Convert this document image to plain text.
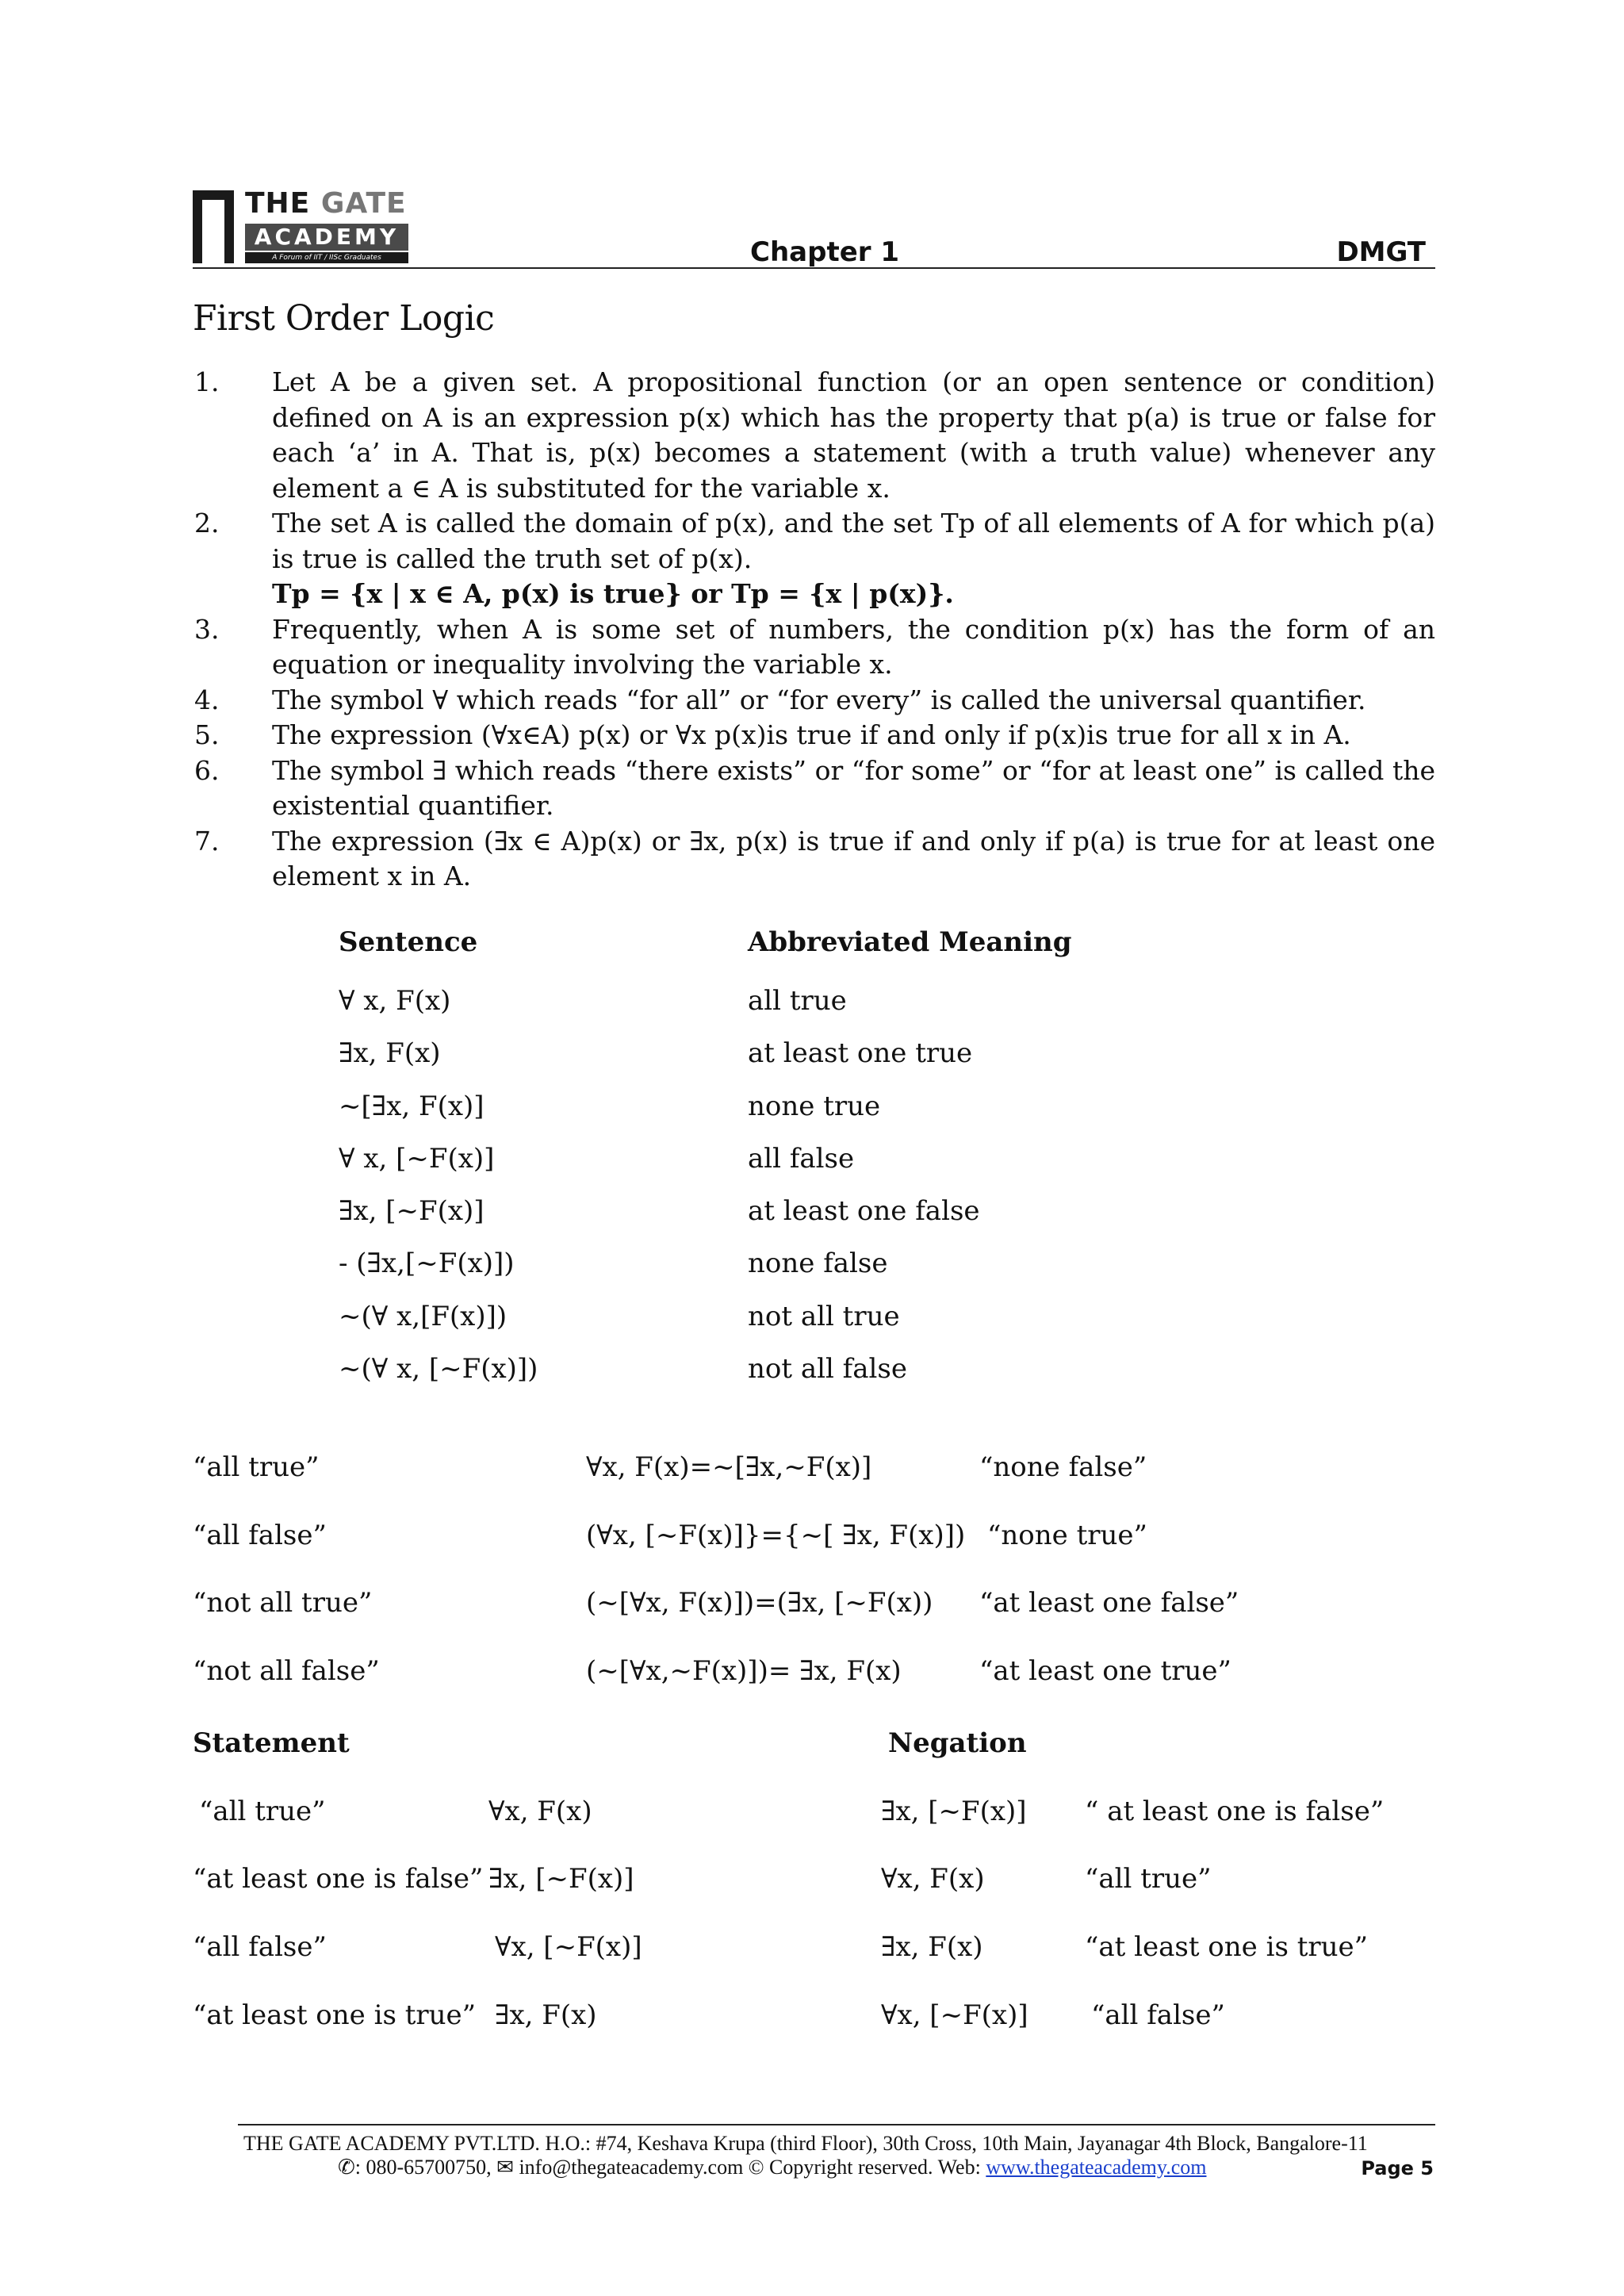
THE GATE
ACADEMY
A Forum of IIT / IISc Graduates	Chapter 1	DMGT
First Order Logic
1. Let A be a given set. A propositional function (or an open sentence or condition) defined on A is an expression p(x) which has the property that p(a) is true or false for each ‘a’ in A. That is, p(x) becomes a statement (with a truth value) whenever any element a ∈ A is substituted for the variable x.
2. The set A is called the domain of p(x), and the set Tp of all elements of A for which p(a) is true is called the truth set of p(x).
Tp = {x | x ∈ A, p(x) is true} or Tp = {x | p(x)}.
3. Frequently, when A is some set of numbers, the condition p(x) has the form of an equation or inequality involving the variable x.
4. The symbol ∀ which reads “for all” or “for every” is called the universal quantifier.
5. The expression (∀x∈A) p(x) or ∀x p(x)is true if and only if p(x)is true for all x in A.
6. The symbol ∃ which reads “there exists” or “for some” or “for at least one” is called the existential quantifier.
7. The expression (∃x ∈ A)p(x) or ∃x, p(x) is true if and only if p(a) is true for at least one element x in A.
Sentence	Abbreviated Meaning
∀ x, F(x)	all true
∃x, F(x)	at least one true
~[∃x, F(x)]	none true
∀ x, [~F(x)]	all false
∃x, [~F(x)]	at least one false
- (∃x,[~F(x)])	none false
~(∀ x,[F(x)])	not all true
~(∀ x, [~F(x)])	not all false
“all true”	∀x, F(x)=~[∃x,~F(x)]	“none false”
“all false”	(∀x, [~F(x)]}={~[ ∃x, F(x)]) “none true”
“not all true”	(~[∀x, F(x)])=(∃x, [~F(x)) “at least one false”
“not all false”	(~[∀x,~F(x)])= ∃x, F(x)	“at least one true”
Statement	Negation
“all true”	∀x, F(x)	∃x, [~F(x)] “ at least one is false”
“at least one is false” ∃x, [~F(x)]	∀x, F(x)	“all true”
“all false”	∀x, [~F(x)]	∃x, F(x)	“at least one is true”
“at least one is true” ∃x, F(x)	∀x, [~F(x)] “all false”
THE GATE ACADEMY PVT.LTD. H.O.: #74, Keshava Krupa (third Floor), 30th Cross, 10th Main, Jayanagar 4th Block, Bangalore-11
✆: 080-65700750, ✉ info@thegateacademy.com © Copyright reserved. Web: www.thegateacademy.com	Page 5
